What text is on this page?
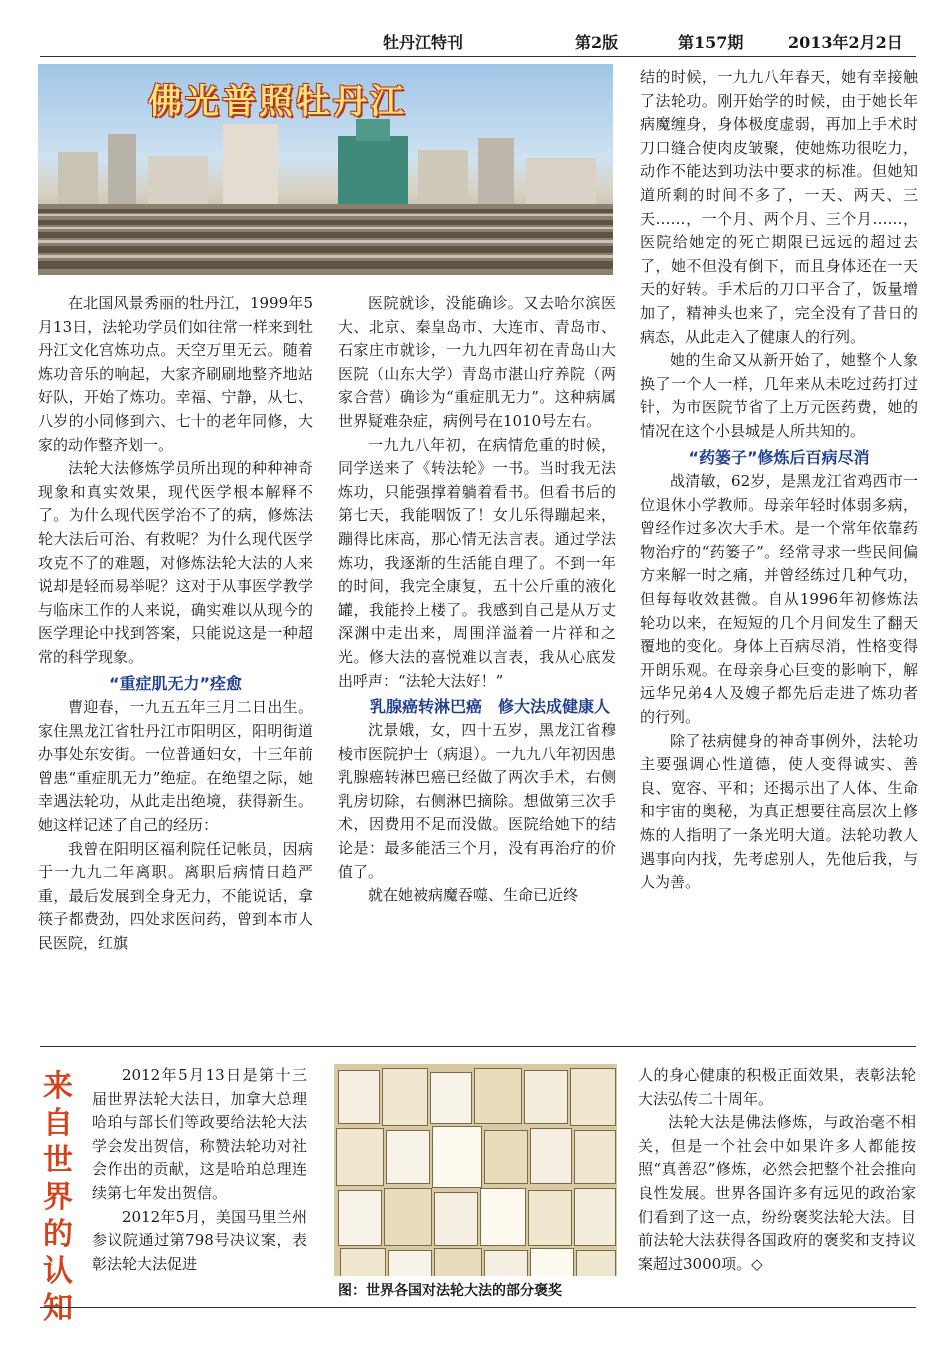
牡丹江特刊	第2版	第157期	2013年2月2日
佛光普照牡丹江

在北国风景秀丽的牡丹江，1999年5月13日，法轮功学员们如往常一样来到牡丹江文化宫炼功点。天空万里无云。随着炼功音乐的响起，大家齐刷刷地整齐地站好队，开始了炼功。幸福、宁静，从七、八岁的小同修到六、七十的老年同修，大家的动作整齐划一。

法轮大法修炼学员所出现的种种神奇现象和真实效果，现代医学根本解释不了。为什么现代医学治不了的病，修炼法轮大法后可治、有救呢？为什么现代医学攻克不了的难题，对修炼法轮大法的人来说却是轻而易举呢？这对于从事医学教学与临床工作的人来说，确实难以从现今的医学理论中找到答案，只能说这是一种超常的科学现象。

“重症肌无力”痊愈

曹迎春，一九五五年三月二日出生。家住黑龙江省牡丹江市阳明区，阳明街道办事处东安街。一位普通妇女，十三年前曾患“重症肌无力”绝症。在绝望之际，她幸遇法轮功，从此走出绝境，获得新生。她这样记述了自己的经历：

我曾在阳明区福利院任记帐员，因病于一九九二年离职。离职后病情日趋严重，最后发展到全身无力，不能说话，拿筷子都费劲，四处求医问药，曾到本市人民医院，红旗

医院就诊，没能确诊。又去哈尔滨医大、北京、秦皇岛市、大连市、青岛市、石家庄市就诊，一九九四年初在青岛山大医院（山东大学）青岛市湛山疗养院（两家合营）确诊为“重症肌无力”。这种病属世界疑难杂症，病例号在1010号左右。

一九九八年初，在病情危重的时候，同学送来了《转法轮》一书。当时我无法炼功，只能强撑着躺着看书。但看书后的第七天，我能咽饭了！女儿乐得蹦起来，蹦得比床高，那心情无法言表。通过学法炼功，我逐渐的生活能自理了。不到一年的时间，我完全康复，五十公斤重的液化罐，我能拎上楼了。我感到自己是从万丈深渊中走出来，周围洋溢着一片祥和之光。修大法的喜悦难以言表，我从心底发出呼声：“法轮大法好！”

乳腺癌转淋巴癌　修大法成健康人

沈景娥，女，四十五岁，黑龙江省穆棱市医院护士（病退）。一九九八年初因患乳腺癌转淋巴癌已经做了两次手术，右侧乳房切除，右侧淋巴摘除。想做第三次手术，因费用不足而没做。医院给她下的结论是：最多能活三个月，没有再治疗的价值了。

就在她被病魔吞噬、生命已近终

结的时候，一九九八年春天，她有幸接触了法轮功。刚开始学的时候，由于她长年病魔缠身，身体极度虚弱，再加上手术时刀口缝合使肉皮皱聚，使她炼功很吃力，动作不能达到功法中要求的标准。但她知道所剩的时间不多了，一天、两天、三天……，一个月、两个月、三个月……，医院给她定的死亡期限已远远的超过去了，她不但没有倒下，而且身体还在一天天的好转。手术后的刀口平合了，饭量增加了，精神头也来了，完全没有了昔日的病态，从此走入了健康人的行列。

她的生命又从新开始了，她整个人象换了一个人一样，几年来从未吃过药打过针，为市医院节省了上万元医药费，她的情况在这个小县城是人所共知的。

“药篓子”修炼后百病尽消

战清敏，62岁，是黑龙江省鸡西市一位退休小学教师。母亲年轻时体弱多病，曾经作过多次大手术。是一个常年依靠药物治疗的“药篓子”。经常寻求一些民间偏方来解一时之痛，并曾经练过几种气功，但每每收效甚微。自从1996年初修炼法轮功以来，在短短的几个月间发生了翻天覆地的变化。身体上百病尽消，性格变得开朗乐观。在母亲身心巨变的影响下，解远华兄弟4人及嫂子都先后走进了炼功者的行列。

除了祛病健身的神奇事例外，法轮功主要强调心性道德，使人变得诚实、善良、宽容、平和；还揭示出了人体、生命和宇宙的奥秘，为真正想要往高层次上修炼的人指明了一条光明大道。法轮功教人遇事向内找，先考虑别人，先他后我，与人为善。

来自世界的认知

2012年5月13日是第十三届世界法轮大法日，加拿大总理哈珀与部长们等政要给法轮大法学会发出贺信，称赞法轮功对社会作出的贡献，这是哈珀总理连续第七年发出贺信。

2012年5月，美国马里兰州参议院通过第798号决议案，表彰法轮大法促进

图：世界各国对法轮大法的部分褒奖

人的身心健康的积极正面效果，表彰法轮大法弘传二十周年。

法轮大法是佛法修炼，与政治毫不相关，但是一个社会中如果许多人都能按照“真善忍”修炼，必然会把整个社会推向良性发展。世界各国许多有远见的政治家们看到了这一点，纷纷褒奖法轮大法。目前法轮大法获得各国政府的褒奖和支持议案超过3000项。◇
